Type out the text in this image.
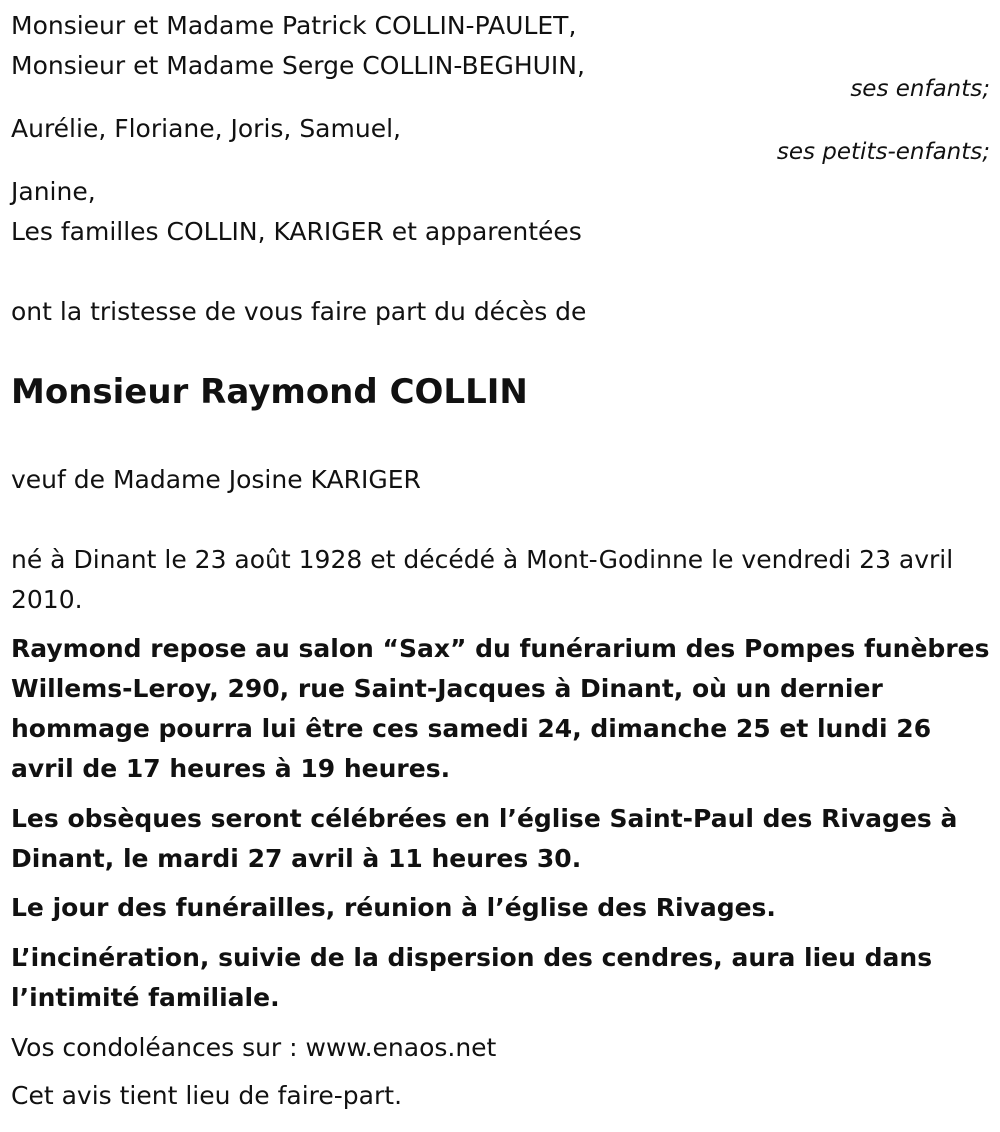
Monsieur et Madame Patrick COLLIN-PAULET,

Monsieur et Madame Serge COLLIN-BEGHUIN,

ses enfants;

Aurélie, Floriane, Joris, Samuel,

ses petits-enfants;

Janine,

Les familles COLLIN, KARIGER et apparentées

ont la tristesse de vous faire part du décès de

Monsieur Raymond COLLIN

veuf de Madame Josine KARIGER

né à Dinant le 23 août 1928 et décédé à Mont-Godinne le vendredi 23 avril 2010.

Raymond repose au salon “Sax” du funérarium des Pompes funèbres Willems-Leroy, 290, rue Saint-Jacques à Dinant, où un dernier hommage pourra lui être ces samedi 24, dimanche 25 et lundi 26 avril de 17 heures à 19 heures.

Les obsèques seront célébrées en l’église Saint-Paul des Rivages à Dinant, le mardi 27 avril à 11 heures 30.

Le jour des funérailles, réunion à l’église des Rivages.

L’incinération, suivie de la dispersion des cendres, aura lieu dans l’intimité familiale.

Vos condoléances sur : www.enaos.net

Cet avis tient lieu de faire-part.
